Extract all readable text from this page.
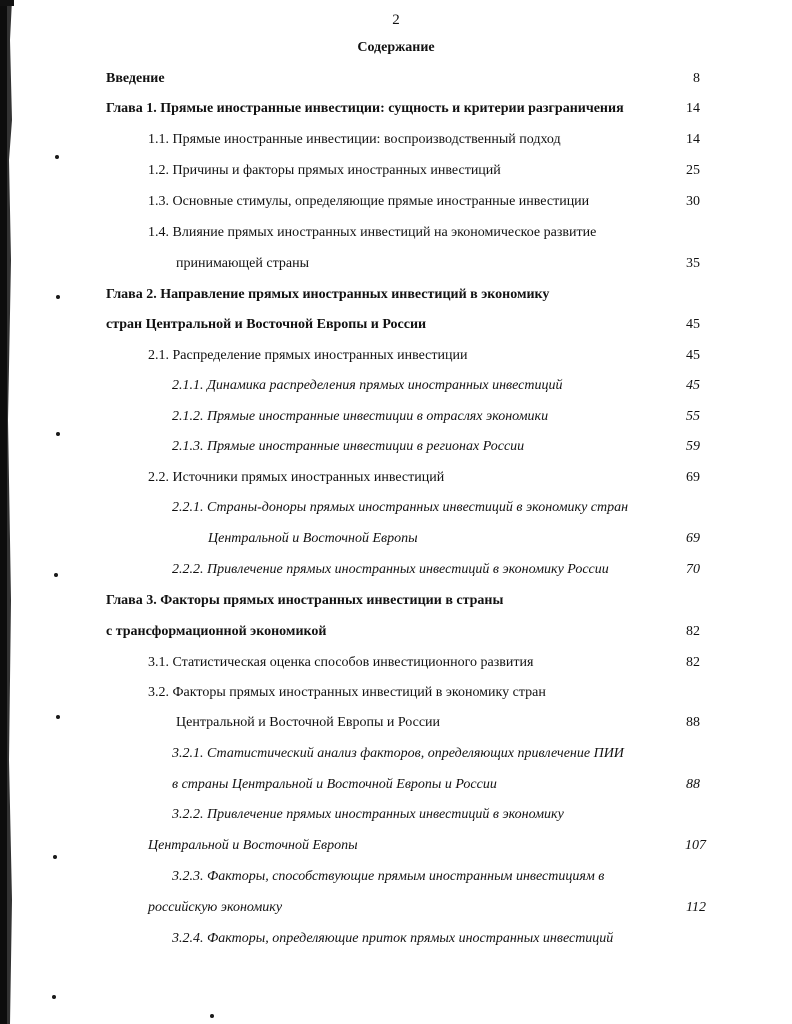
2
Содержание
Введение	8
Глава 1. Прямые иностранные инвестиции: сущность и критерии разграничения	14
1.1. Прямые иностранные инвестиции: воспроизводственный подход	14
1.2. Причины и факторы прямых иностранных инвестиций	25
1.3. Основные стимулы, определяющие прямые иностранные инвестиции	30
1.4. Влияние прямых иностранных инвестиций на экономическое развитие
принимающей страны	35
Глава 2. Направление прямых иностранных инвестиций в экономику
стран Центральной и Восточной Европы и России	45
2.1. Распределение прямых иностранных инвестиции	45
2.1.1. Динамика распределения прямых иностранных инвестиций	45
2.1.2. Прямые иностранные инвестиции в отраслях экономики	55
2.1.3. Прямые иностранные инвестиции в регионах России	59
2.2. Источники прямых иностранных инвестиций	69
2.2.1. Страны-доноры прямых иностранных инвестиций в экономику стран
Центральной и Восточной Европы	69
2.2.2. Привлечение прямых иностранных инвестиций в экономику России	70
Глава 3. Факторы прямых иностранных инвестиции в страны
с трансформационной экономикой	82
3.1. Статистическая оценка способов инвестиционного развития	82
3.2. Факторы прямых иностранных инвестиций в экономику стран
Центральной и Восточной Европы и России	88
3.2.1. Статистический анализ факторов, определяющих привлечение ПИИ
в страны Центральной и Восточной Европы и России	88
3.2.2. Привлечение прямых иностранных инвестиций в экономику
Центральной и Восточной Европы	107
3.2.3. Факторы, способствующие прямым иностранным инвестициям в
российскую экономику	112
3.2.4. Факторы, определяющие приток прямых иностранных инвестиций
